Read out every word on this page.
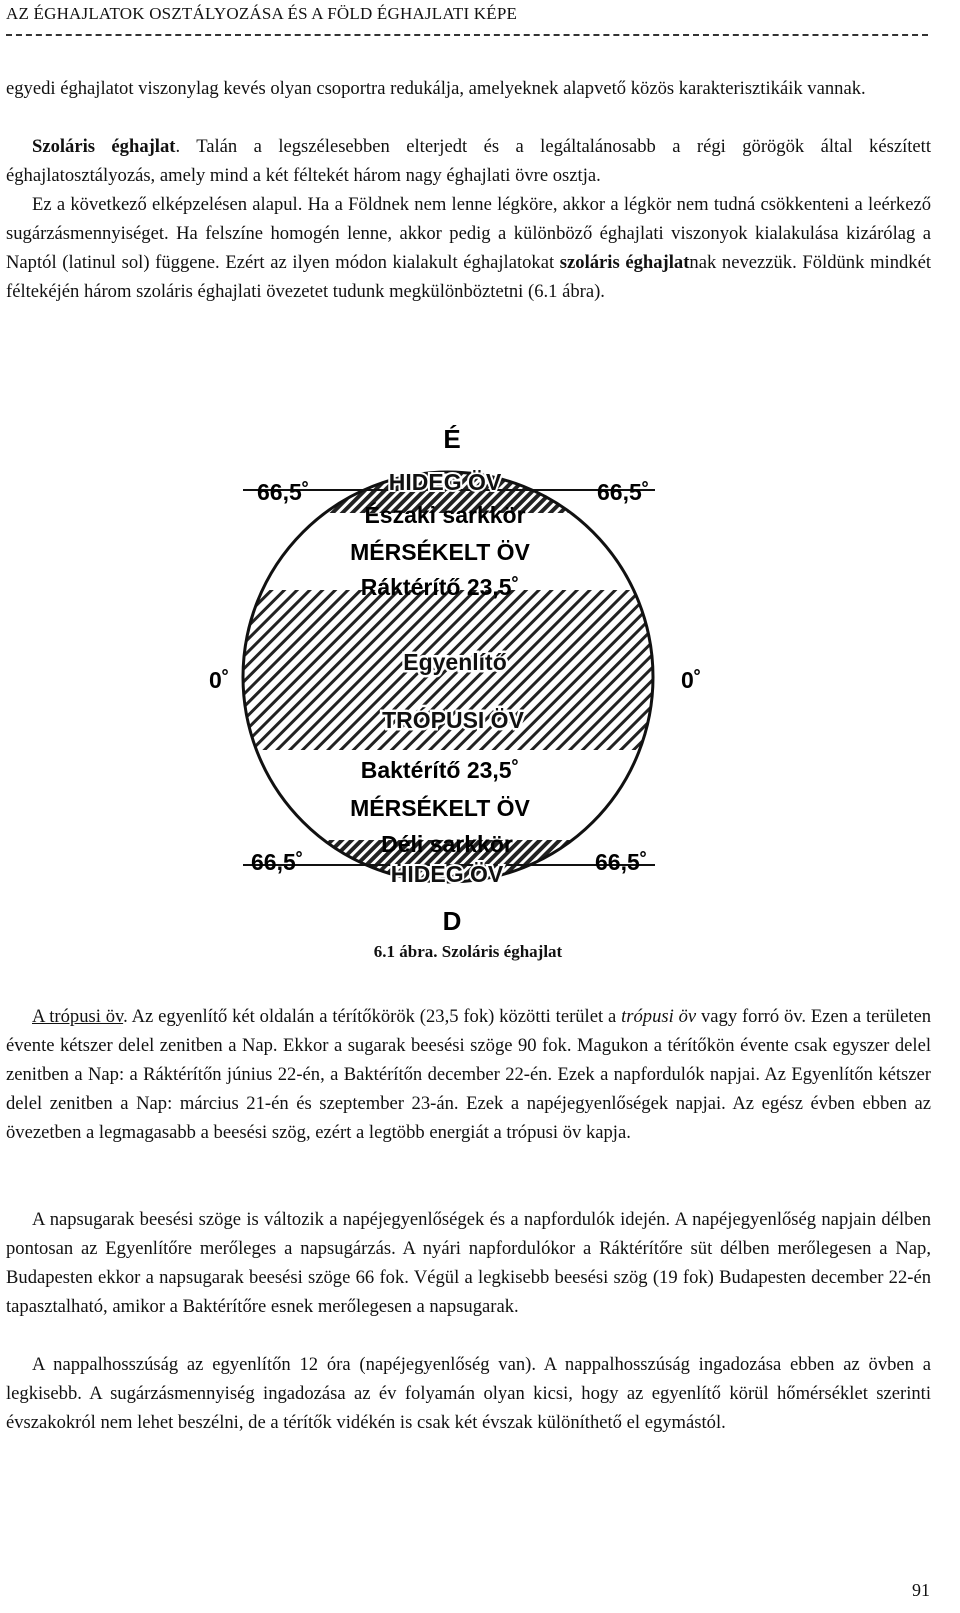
AZ ÉGHAJLATOK OSZTÁLYOZÁSA ÉS A FÖLD ÉGHAJLATI KÉPE

egyedi éghajlatot viszonylag kevés olyan csoportra redukálja, amelyeknek alapvető közös karakterisztikáik vannak.

Szoláris éghajlat. Talán a legszélesebben elterjedt és a legáltalánosabb a régi görögök által készített éghajlatosztályozás, amely mind a két féltekét három nagy éghajlati övre osztja.

Ez a következő elképzelésen alapul. Ha a Földnek nem lenne légköre, akkor a légkör nem tudná csökkenteni a leérkező sugárzásmennyiséget. Ha felszíne homogén lenne, akkor pedig a különböző éghajlati viszonyok kialakulása kizárólag a Naptól (latinul sol) függene. Ezért az ilyen módon kialakult éghajlatokat szoláris éghajlatnak nevezzük. Földünk mindkét féltekéjén három szoláris éghajlati övezetet tudunk megkülönböztetni (6.1 ábra).

É
D
66,5˚	66,5˚
0˚	0˚
66,5˚	66,5˚
HIDEG ÖV
Északi sarkkör
MÉRSÉKELT ÖV
Ráktérítő 23,5˚
Egyenlítő
TRÓPUSI ÖV
Baktérítő 23,5˚
MÉRSÉKELT ÖV
Déli sarkkör
HIDEG ÖV
6.1 ábra. Szoláris éghajlat

A trópusi öv. Az egyenlítő két oldalán a térítőkörök (23,5 fok) közötti terület a trópusi öv vagy forró öv. Ezen a területen évente kétszer delel zenitben a Nap. Ekkor a sugarak beesési szöge 90 fok. Magukon a térítőkön évente csak egyszer delel zenitben a Nap: a Ráktérítőn június 22-én, a Baktérítőn december 22-én. Ezek a napfordulók napjai. Az Egyenlítőn kétszer delel zenitben a Nap: március 21-én és szeptember 23-án. Ezek a napéjegyenlőségek napjai. Az egész évben ebben az övezetben a legmagasabb a beesési szög, ezért a legtöbb energiát a trópusi öv kapja.

A napsugarak beesési szöge is változik a napéjegyenlőségek és a napfordulók idején. A napéjegyenlőség napjain délben pontosan az Egyenlítőre merőleges a napsugárzás. A nyári napfordulókor a Ráktérítőre süt délben merőlegesen a Nap, Budapesten ekkor a napsugarak beesési szöge 66 fok. Végül a legkisebb beesési szög (19 fok) Budapesten december 22-én tapasztalható, amikor a Baktérítőre esnek merőlegesen a napsugarak.

A nappalhosszúság az egyenlítőn 12 óra (napéjegyenlőség van). A nappalhosszúság ingadozása ebben az övben a legkisebb. A sugárzásmennyiség ingadozása az év folyamán olyan kicsi, hogy az egyenlítő körül hőmérséklet szerinti évszakokról nem lehet beszélni, de a térítők vidékén is csak két évszak különíthető el egymástól.

91
